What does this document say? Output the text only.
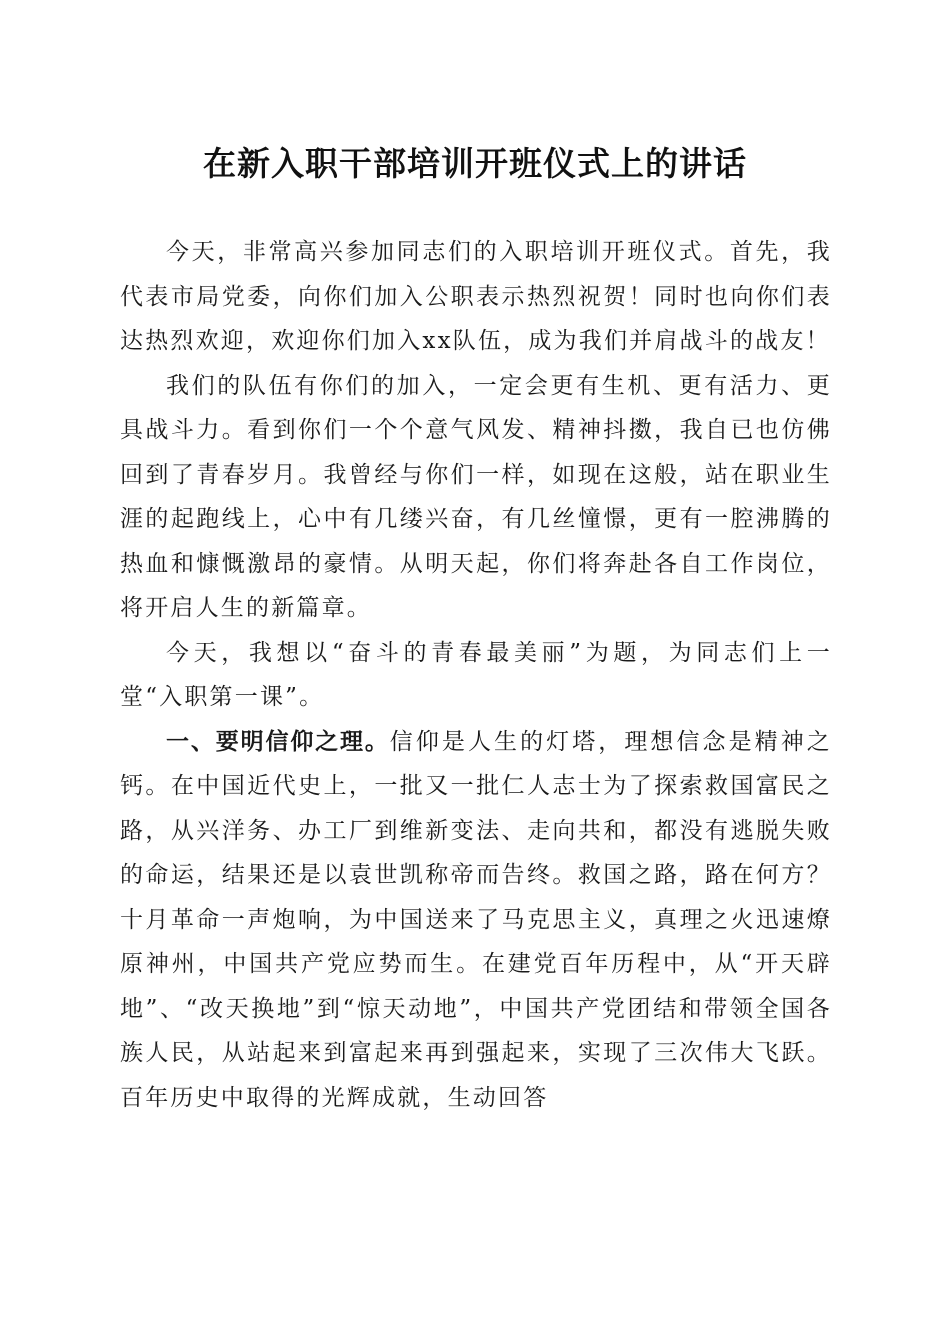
在新入职干部培训开班仪式上的讲话

今天，非常高兴参加同志们的入职培训开班仪式。首先，我代表市局党委，向你们加入公职表示热烈祝贺！同时也向你们表达热烈欢迎，欢迎你们加入xx队伍，成为我们并肩战斗的战友！

我们的队伍有你们的加入，一定会更有生机、更有活力、更具战斗力。看到你们一个个意气风发、精神抖擞，我自已也仿佛回到了青春岁月。我曾经与你们一样，如现在这般，站在职业生涯的起跑线上，心中有几缕兴奋，有几丝憧憬，更有一腔沸腾的热血和慷慨激昂的豪情。从明天起，你们将奔赴各自工作岗位，将开启人生的新篇章。

今天，我想以“奋斗的青春最美丽”为题，为同志们上一堂“入职第一课”。

一、要明信仰之理。信仰是人生的灯塔，理想信念是精神之钙。在中国近代史上，一批又一批仁人志士为了探索救国富民之路，从兴洋务、办工厂到维新变法、走向共和，都没有逃脱失败的命运，结果还是以袁世凯称帝而告终。救国之路，路在何方？十月革命一声炮响，为中国送来了马克思主义，真理之火迅速燎原神州，中国共产党应势而生。在建党百年历程中，从“开天辟地”、“改天换地”到“惊天动地”，中国共产党团结和带领全国各族人民，从站起来到富起来再到强起来，实现了三次伟大飞跃。百年历史中取得的光辉成就，生动回答
